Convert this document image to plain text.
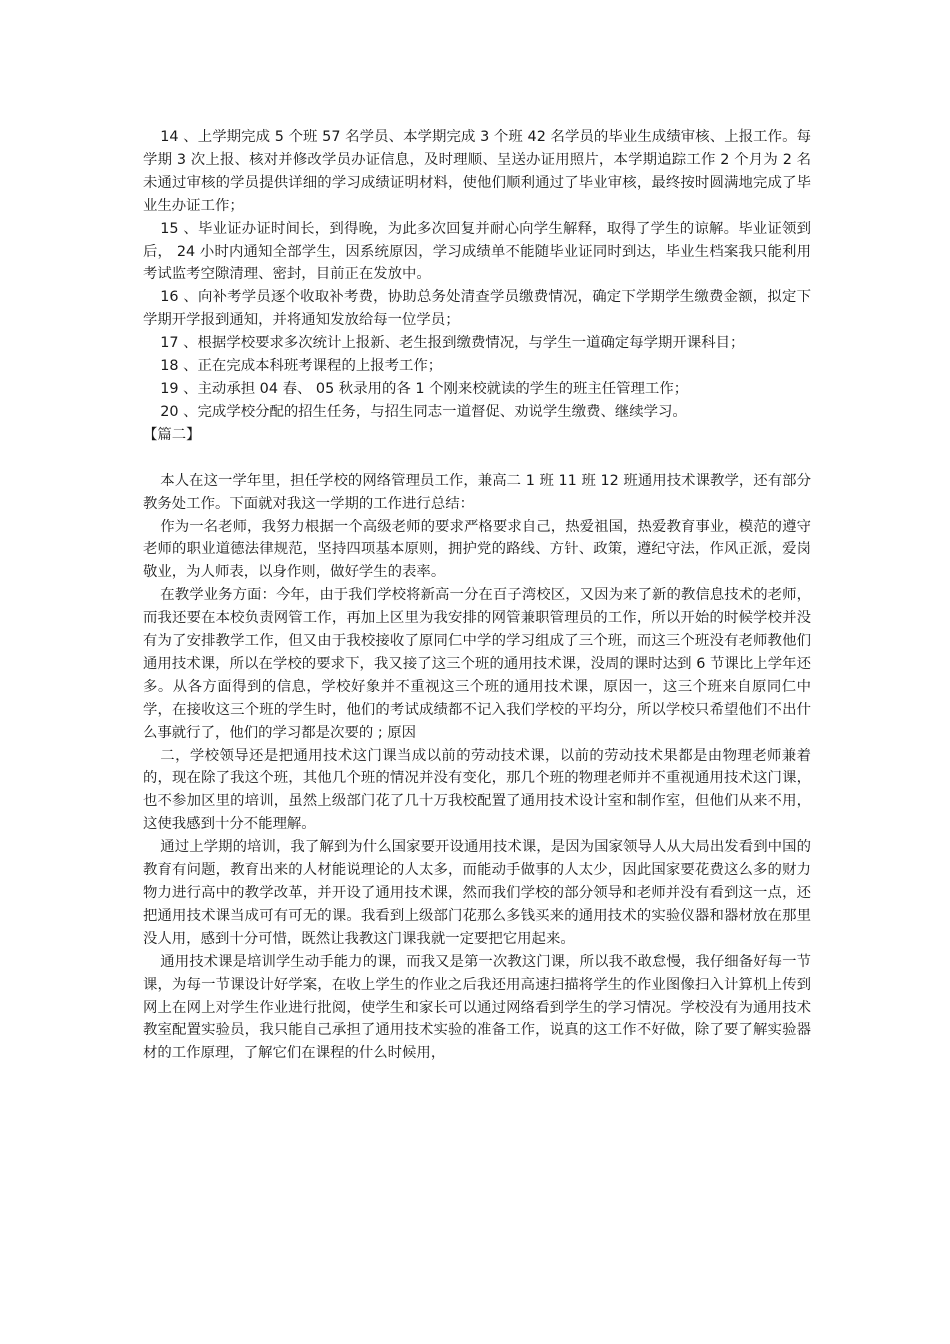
14 、上学期完成 5 个班 57 名学员、本学期完成 3 个班 42 名学员的毕业生成绩审核、上报工作。每学期 3 次上报、核对并修改学员办证信息，及时理顺、呈送办证用照片，本学期追踪工作 2 个月为 2 名未通过审核的学员提供详细的学习成绩证明材料，使他们顺利通过了毕业审核，最终按时圆满地完成了毕业生办证工作；

15 、毕业证办证时间长，到得晚，为此多次回复并耐心向学生解释，取得了学生的谅解。毕业证领到后， 24 小时内通知全部学生，因系统原因，学习成绩单不能随毕业证同时到达，毕业生档案我只能利用考试监考空隙清理、密封，目前正在发放中。

16 、向补考学员逐个收取补考费，协助总务处清查学员缴费情况，确定下学期学生缴费金额，拟定下学期开学报到通知，并将通知发放给每一位学员；

17 、根据学校要求多次统计上报新、老生报到缴费情况，与学生一道确定每学期开课科目；

18 、正在完成本科班考课程的上报考工作；

19 、主动承担 04 春、 05 秋录用的各 1 个刚来校就读的学生的班主任管理工作；

20 、完成学校分配的招生任务，与招生同志一道督促、劝说学生缴费、继续学习。

【篇二】

本人在这一学年里，担任学校的网络管理员工作，兼高二 1 班 11 班 12 班通用技术课教学，还有部分教务处工作。下面就对我这一学期的工作进行总结：

作为一名老师，我努力根据一个高级老师的要求严格要求自己，热爱祖国，热爱教育事业，模范的遵守老师的职业道德法律规范，坚持四项基本原则，拥护党的路线、方针、政策，遵纪守法，作风正派，爱岗敬业，为人师表，以身作则，做好学生的表率。

在教学业务方面：今年，由于我们学校将新高一分在百子湾校区，又因为来了新的教信息技术的老师，而我还要在本校负责网管工作，再加上区里为我安排的网管兼职管理员的工作，所以开始的时候学校并没有为了安排教学工作，但又由于我校接收了原同仁中学的学习组成了三个班，而这三个班没有老师教他们通用技术课，所以在学校的要求下，我又接了这三个班的通用技术课，没周的课时达到 6 节课比上学年还多。从各方面得到的信息，学校好象并不重视这三个班的通用技术课，原因一，这三个班来自原同仁中学，在接收这三个班的学生时，他们的考试成绩都不记入我们学校的平均分，所以学校只希望他们不出什么事就行了，他们的学习都是次要的 ; 原因

二，学校领导还是把通用技术这门课当成以前的劳动技术课，以前的劳动技术果都是由物理老师兼着的，现在除了我这个班，其他几个班的情况并没有变化，那几个班的物理老师并不重视通用技术这门课，也不参加区里的培训，虽然上级部门花了几十万我校配置了通用技术设计室和制作室，但他们从来不用，这使我感到十分不能理解。

通过上学期的培训，我了解到为什么国家要开设通用技术课，是因为国家领导人从大局出发看到中国的教育有问题，教育出来的人材能说理论的人太多，而能动手做事的人太少，因此国家要花费这么多的财力物力进行高中的教学改革，并开设了通用技术课，然而我们学校的部分领导和老师并没有看到这一点，还把通用技术课当成可有可无的课。我看到上级部门花那么多钱买来的通用技术的实验仪器和器材放在那里没人用，感到十分可惜，既然让我教这门课我就一定要把它用起来。

通用技术课是培训学生动手能力的课，而我又是第一次教这门课，所以我不敢怠慢，我仔细备好每一节课，为每一节课设计好学案，在收上学生的作业之后我还用高速扫描将学生的作业图像扫入计算机上传到网上在网上对学生作业进行批阅，使学生和家长可以通过网络看到学生的学习情况。学校没有为通用技术教室配置实验员，我只能自己承担了通用技术实验的准备工作，说真的这工作不好做，除了要了解实验器材的工作原理，了解它们在课程的什么时候用，
